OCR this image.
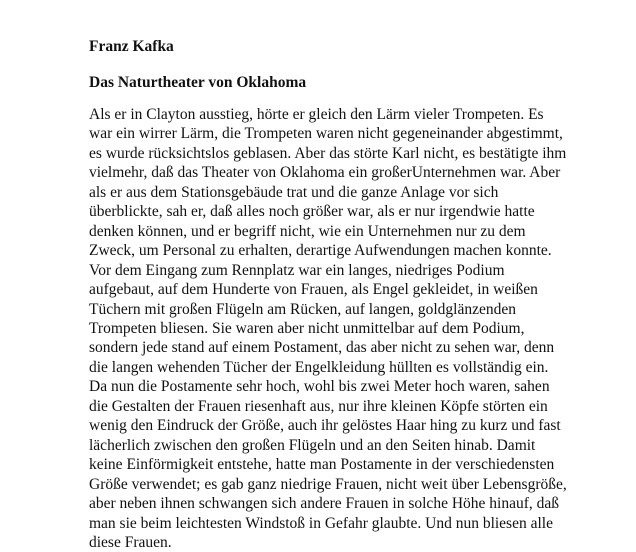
Franz Kafka
Das Naturtheater von Oklahoma
Als er in Clayton ausstieg, hörte er gleich den Lärm vieler Trompeten. Es
war ein wirrer Lärm, die Trompeten waren nicht gegeneinander abgestimmt,
es wurde rücksichtslos geblasen. Aber das störte Karl nicht, es bestätigte ihm
vielmehr, daß das Theater von Oklahoma ein großerUnternehmen war. Aber
als er aus dem Stationsgebäude trat und die ganze Anlage vor sich
überblickte, sah er, daß alles noch größer war, als er nur irgendwie hatte
denken können, und er begriff nicht, wie ein Unternehmen nur zu dem
Zweck, um Personal zu erhalten, derartige Aufwendungen machen konnte.
Vor dem Eingang zum Rennplatz war ein langes, niedriges Podium
aufgebaut, auf dem Hunderte von Frauen, als Engel gekleidet, in weißen
Tüchern mit großen Flügeln am Rücken, auf langen, goldglänzenden
Trompeten bliesen. Sie waren aber nicht unmittelbar auf dem Podium,
sondern jede stand auf einem Postament, das aber nicht zu sehen war, denn
die langen wehenden Tücher der Engelkleidung hüllten es vollständig ein.
Da nun die Postamente sehr hoch, wohl bis zwei Meter hoch waren, sahen
die Gestalten der Frauen riesenhaft aus, nur ihre kleinen Köpfe störten ein
wenig den Eindruck der Größe, auch ihr gelöstes Haar hing zu kurz und fast
lächerlich zwischen den großen Flügeln und an den Seiten hinab. Damit
keine Einförmigkeit entstehe, hatte man Postamente in der verschiedensten
Größe verwendet; es gab ganz niedrige Frauen, nicht weit über Lebensgröße,
aber neben ihnen schwangen sich andere Frauen in solche Höhe hinauf, daß
man sie beim leichtesten Windstoß in Gefahr glaubte. Und nun bliesen alle
diese Frauen.
